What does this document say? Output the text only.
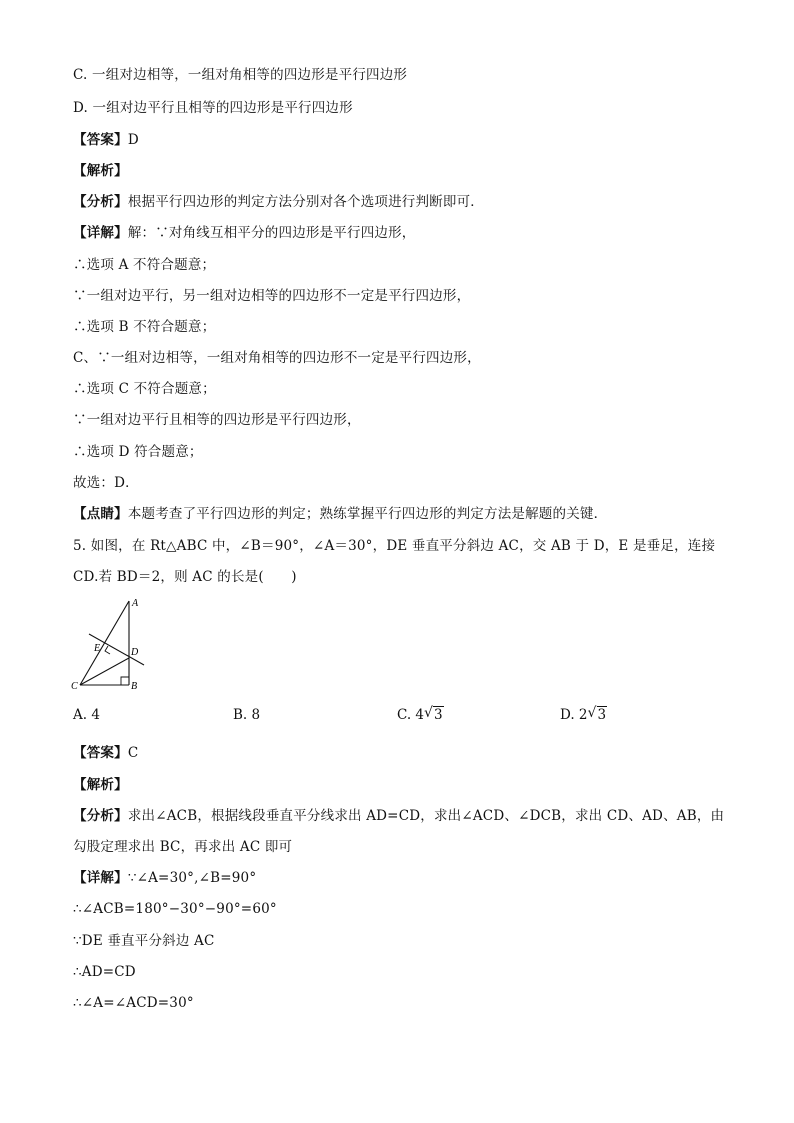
C. 一组对边相等，一组对角相等的四边形是平行四边形
D. 一组对边平行且相等的四边形是平行四边形
【答案】D
【解析】
【分析】根据平行四边形的判定方法分别对各个选项进行判断即可．
【详解】解：∵对角线互相平分的四边形是平行四边形，
∴选项 A 不符合题意；
∵一组对边平行，另一组对边相等的四边形不一定是平行四边形，
∴选项 B 不符合题意；
C、∵一组对边相等，一组对角相等的四边形不一定是平行四边形，
∴选项 C 不符合题意；
∵一组对边平行且相等的四边形是平行四边形，
∴选项 D 符合题意；
故选：D．
【点睛】本题考查了平行四边形的判定；熟练掌握平行四边形的判定方法是解题的关键．
5. 如图，在 Rt△ABC 中，∠B＝90°，∠A＝30°，DE 垂直平分斜边 AC，交 AB 于 D，E 是垂足，连接
CD.若 BD＝2，则 AC 的长是(　　)
A
B
C
D
E
A. 4	B. 8	C. 4 √ 3	D. 2 √ 3
【答案】C
【解析】
【分析】求出∠ACB，根据线段垂直平分线求出 AD=CD，求出∠ACD、∠DCB，求出 CD、AD、AB，由
勾股定理求出 BC，再求出 AC 即可
【详解】∵∠A=30°,∠B=90°
∴∠ACB=180°−30°−90°=60°
∵DE 垂直平分斜边 AC
∴AD=CD
∴∠A=∠ACD=30°
